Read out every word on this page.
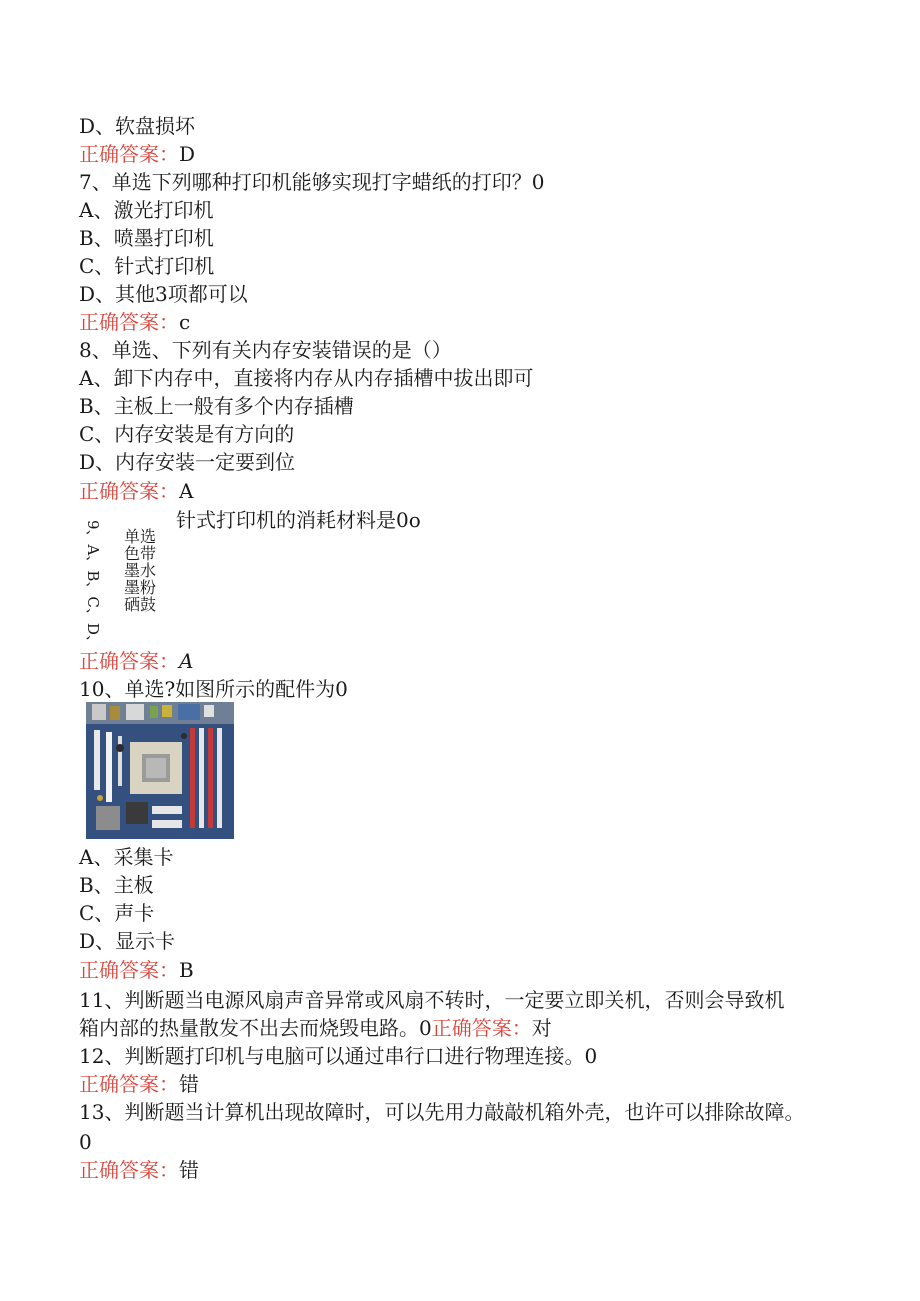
D、软盘损坏
正确答案：D
7、单选下列哪种打印机能够实现打字蜡纸的打印？0
A、激光打印机
B、喷墨打印机
C、针式打印机
D、其他3项都可以
正确答案：c
8、单选、下列有关内存安装错误的是（）
A、卸下内存中，直接将内存从内存插槽中拔出即可
B、主板上一般有多个内存插槽
C、内存安装是有方向的
D、内存安装一定要到位
正确答案：A
针式打印机的消耗材料是0o
9、A、B、C、D、 单选
色带
墨水
墨粉
硒鼓
正确答案：A
10、单选?如图所示的配件为0
A、采集卡
B、主板
C、声卡
D、显示卡
正确答案：B
11、判断题当电源风扇声音异常或风扇不转时，一定要立即关机，否则会导致机
箱内部的热量散发不出去而烧毁电路。0正确答案：对
12、判断题打印机与电脑可以通过串行口进行物理连接。0
正确答案：错
13、判断题当计算机出现故障时，可以先用力敲敲机箱外壳，也许可以排除故障。
0
正确答案：错
